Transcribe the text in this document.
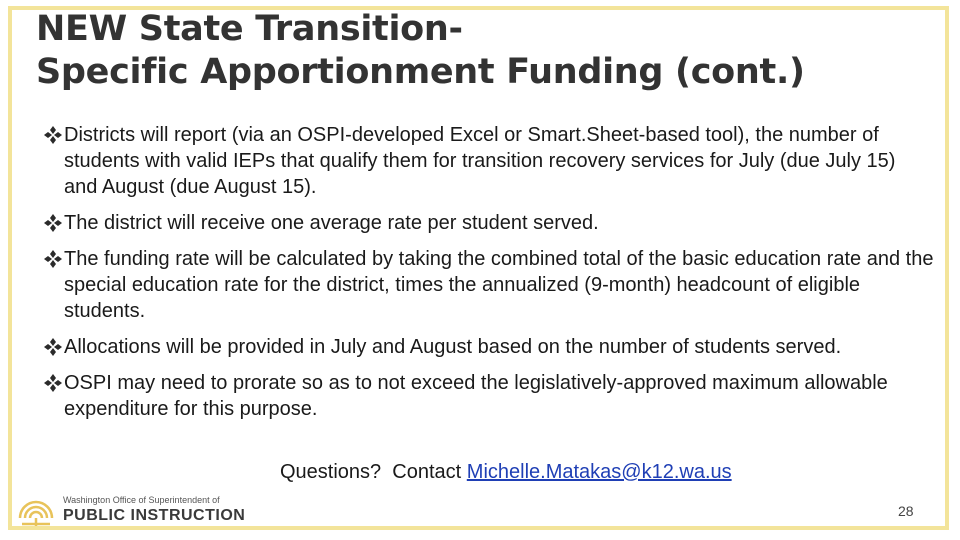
NEW State Transition-
Specific Apportionment Funding (cont.)
Districts will report (via an OSPI-developed Excel or Smart.Sheet-based tool), the number of students with valid IEPs that qualify them for transition recovery services for July (due July 15) and August (due August 15).
The district will receive one average rate per student served.
The funding rate will be calculated by taking the combined total of the basic education rate and the special education rate for the district, times the annualized (9-month) headcount of eligible students.
Allocations will be provided in July and August based on the number of students served.
OSPI may need to prorate so as to not exceed the legislatively-approved maximum allowable expenditure for this purpose.
Questions?  Contact Michelle.Matakas@k12.wa.us
Washington Office of Superintendent of
PUBLIC INSTRUCTION	28
